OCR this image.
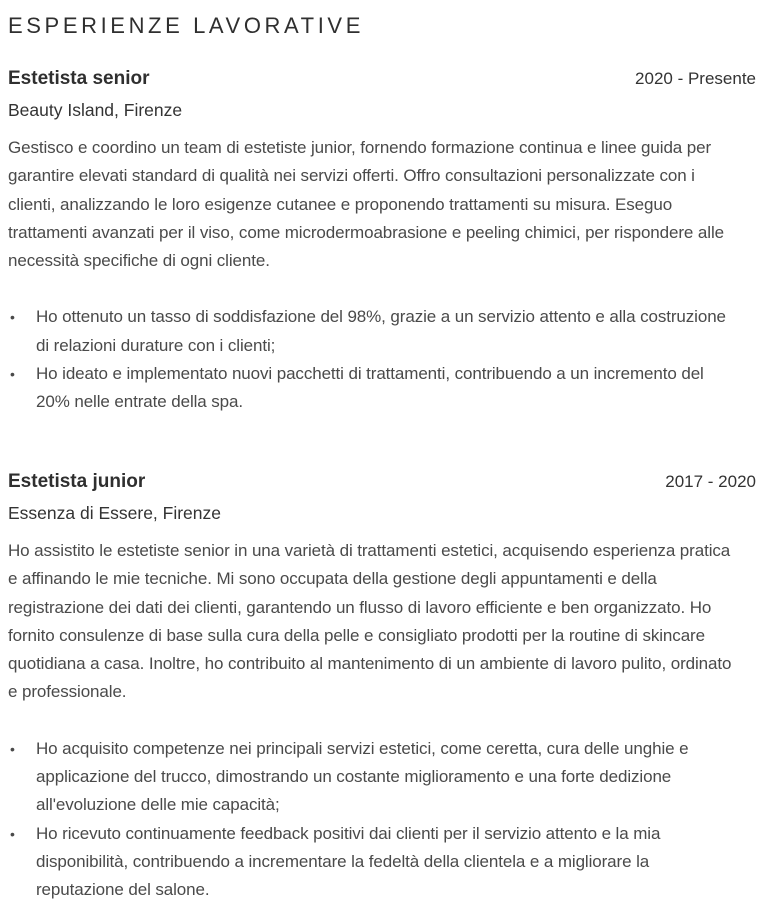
ESPERIENZE LAVORATIVE
Estetista senior	2020 - Presente
Beauty Island, Firenze

Gestisco e coordino un team di estetiste junior, fornendo formazione continua e linee guida per garantire elevati standard di qualità nei servizi offerti. Offro consultazioni personalizzate con i clienti, analizzando le loro esigenze cutanee e proponendo trattamenti su misura. Eseguo trattamenti avanzati per il viso, come microdermoabrasione e peeling chimici, per rispondere alle necessità specifiche di ogni cliente.

• Ho ottenuto un tasso di soddisfazione del 98%, grazie a un servizio attento e alla costruzione di relazioni durature con i clienti;
• Ho ideato e implementato nuovi pacchetti di trattamenti, contribuendo a un incremento del 20% nelle entrate della spa.
Estetista junior	2017 - 2020
Essenza di Essere, Firenze

Ho assistito le estetiste senior in una varietà di trattamenti estetici, acquisendo esperienza pratica e affinando le mie tecniche. Mi sono occupata della gestione degli appuntamenti e della registrazione dei dati dei clienti, garantendo un flusso di lavoro efficiente e ben organizzato. Ho fornito consulenze di base sulla cura della pelle e consigliato prodotti per la routine di skincare quotidiana a casa. Inoltre, ho contribuito al mantenimento di un ambiente di lavoro pulito, ordinato e professionale.

• Ho acquisito competenze nei principali servizi estetici, come ceretta, cura delle unghie e applicazione del trucco, dimostrando un costante miglioramento e una forte dedizione all'evoluzione delle mie capacità;
• Ho ricevuto continuamente feedback positivi dai clienti per il servizio attento e la mia disponibilità, contribuendo a incrementare la fedeltà della clientela e a migliorare la reputazione del salone.
